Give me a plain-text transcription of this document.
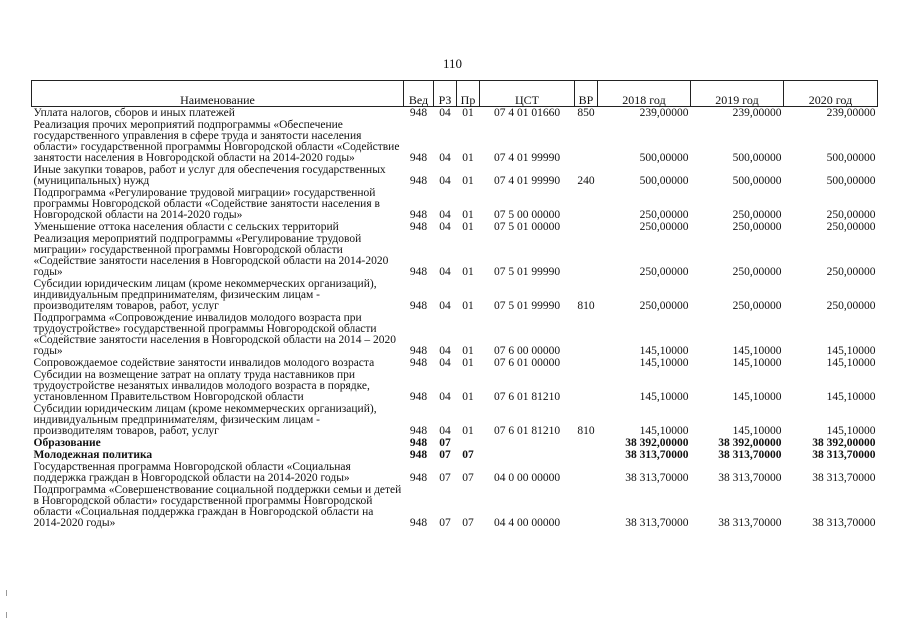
110
Наименование	Вед	РЗ	Пр	ЦСТ	ВР	2018 год	2019 год	2020 год
Уплата налогов, сборов и иных платежей	948	04	01	07 4 01 01660	850	239,00000	239,00000	239,00000
Реализация прочих мероприятий подпрограммы «Обеспечение государственного управления в сфере труда и занятости населения области» государственной программы Новгородской области «Содействие занятости населения в Новгородской области на 2014-2020 годы»	948	04	01	07 4 01 99990		500,00000	500,00000	500,00000
Иные закупки товаров, работ и услуг для обеспечения государственных (муниципальных) нужд	948	04	01	07 4 01 99990	240	500,00000	500,00000	500,00000
Подпрограмма «Регулирование трудовой миграции» государственной программы Новгородской области «Содействие занятости населения в Новгородской области на 2014-2020 годы»	948	04	01	07 5 00 00000		250,00000	250,00000	250,00000
Уменьшение оттока населения области с сельских территорий	948	04	01	07 5 01 00000		250,00000	250,00000	250,00000
Реализация мероприятий подпрограммы «Регулирование трудовой миграции» государственной программы Новгородской области «Содействие занятости населения в Новгородской области на 2014-2020 годы»	948	04	01	07 5 01 99990		250,00000	250,00000	250,00000
Субсидии юридическим лицам (кроме некоммерческих организаций), индивидуальным предпринимателям, физическим лицам - производителям товаров, работ, услуг	948	04	01	07 5 01 99990	810	250,00000	250,00000	250,00000
Подпрограмма «Сопровождение инвалидов молодого возраста при трудоустройстве» государственной программы Новгородской области «Содействие занятости населения в Новгородской области на 2014 – 2020 годы»	948	04	01	07 6 00 00000		145,10000	145,10000	145,10000
Сопровождаемое содействие занятости инвалидов молодого возраста	948	04	01	07 6 01 00000		145,10000	145,10000	145,10000
Субсидии на возмещение затрат на оплату труда наставников при трудоустройстве незанятых инвалидов молодого возраста в порядке, установленном Правительством Новгородской области	948	04	01	07 6 01 81210		145,10000	145,10000	145,10000
Субсидии юридическим лицам (кроме некоммерческих организаций), индивидуальным предпринимателям, физическим лицам - производителям товаров, работ, услуг	948	04	01	07 6 01 81210	810	145,10000	145,10000	145,10000
Образование	948	07				38 392,00000	38 392,00000	38 392,00000
Молодежная политика	948	07	07			38 313,70000	38 313,70000	38 313,70000
Государственная программа Новгородской области «Социальная поддержка граждан в Новгородской области на 2014-2020 годы»	948	07	07	04 0 00 00000		38 313,70000	38 313,70000	38 313,70000
Подпрограмма «Совершенствование социальной поддержки семьи и детей в Новгородской области» государственной программы Новгородской области «Социальная поддержка граждан в Новгородской области на 2014-2020 годы»	948	07	07	04 4 00 00000		38 313,70000	38 313,70000	38 313,70000
